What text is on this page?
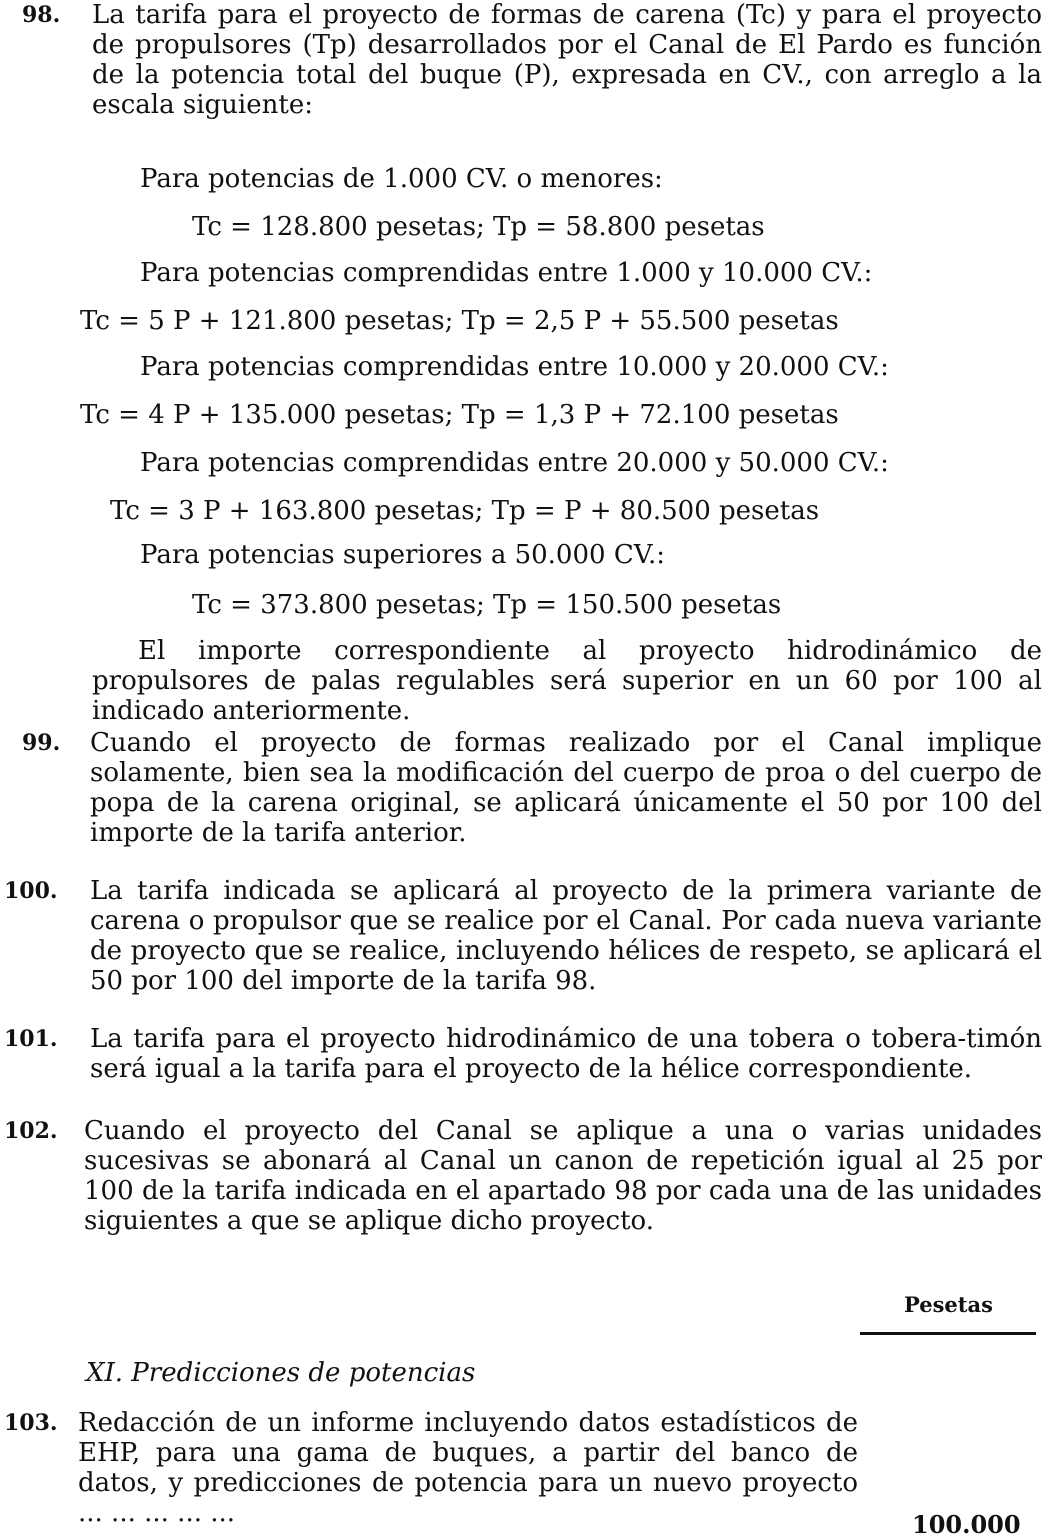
98. La tarifa para el proyecto de formas de carena (Tc) y para el proyecto de propulsores (Tp) desarrollados por el Canal de El Pardo es función de la potencia total del buque (P), expresada en CV., con arreglo a la escala siguiente:
Para potencias de 1.000 CV. o menores:
Tc = 128.800 pesetas; Tp = 58.800 pesetas
Para potencias comprendidas entre 1.000 y 10.000 CV.:
Tc = 5 P + 121.800 pesetas; Tp = 2,5 P + 55.500 pesetas
Para potencias comprendidas entre 10.000 y 20.000 CV.:
Tc = 4 P + 135.000 pesetas; Tp = 1,3 P + 72.100 pesetas
Para potencias comprendidas entre 20.000 y 50.000 CV.:
Tc = 3 P + 163.800 pesetas; Tp = P + 80.500 pesetas
Para potencias superiores a 50.000 CV.:
Tc = 373.800 pesetas; Tp = 150.500 pesetas
El importe correspondiente al proyecto hidrodinámico de propulsores de palas regulables será superior en un 60 por 100 al indicado anteriormente.
99. Cuando el proyecto de formas realizado por el Canal implique solamente, bien sea la modificación del cuerpo de proa o del cuerpo de popa de la carena original, se aplicará únicamente el 50 por 100 del importe de la tarifa anterior.
100. La tarifa indicada se aplicará al proyecto de la primera variante de carena o propulsor que se realice por el Canal. Por cada nueva variante de proyecto que se realice, incluyendo hélices de respeto, se aplicará el 50 por 100 del importe de la tarifa 98.
101. La tarifa para el proyecto hidrodinámico de una tobera o tobera-timón será igual a la tarifa para el proyecto de la hélice correspondiente.
102. Cuando el proyecto del Canal se aplique a una o varias unidades sucesivas se abonará al Canal un canon de repetición igual al 25 por 100 de la tarifa indicada en el apartado 98 por cada una de las unidades siguientes a que se aplique dicho proyecto.
Pesetas
XI. Predicciones de potencias
103. Redacción de un informe incluyendo datos estadísticos de EHP, para una gama de buques, a partir del banco de datos, y predicciones de potencia para un nuevo proyecto ... ... ... ... ...	100.000
